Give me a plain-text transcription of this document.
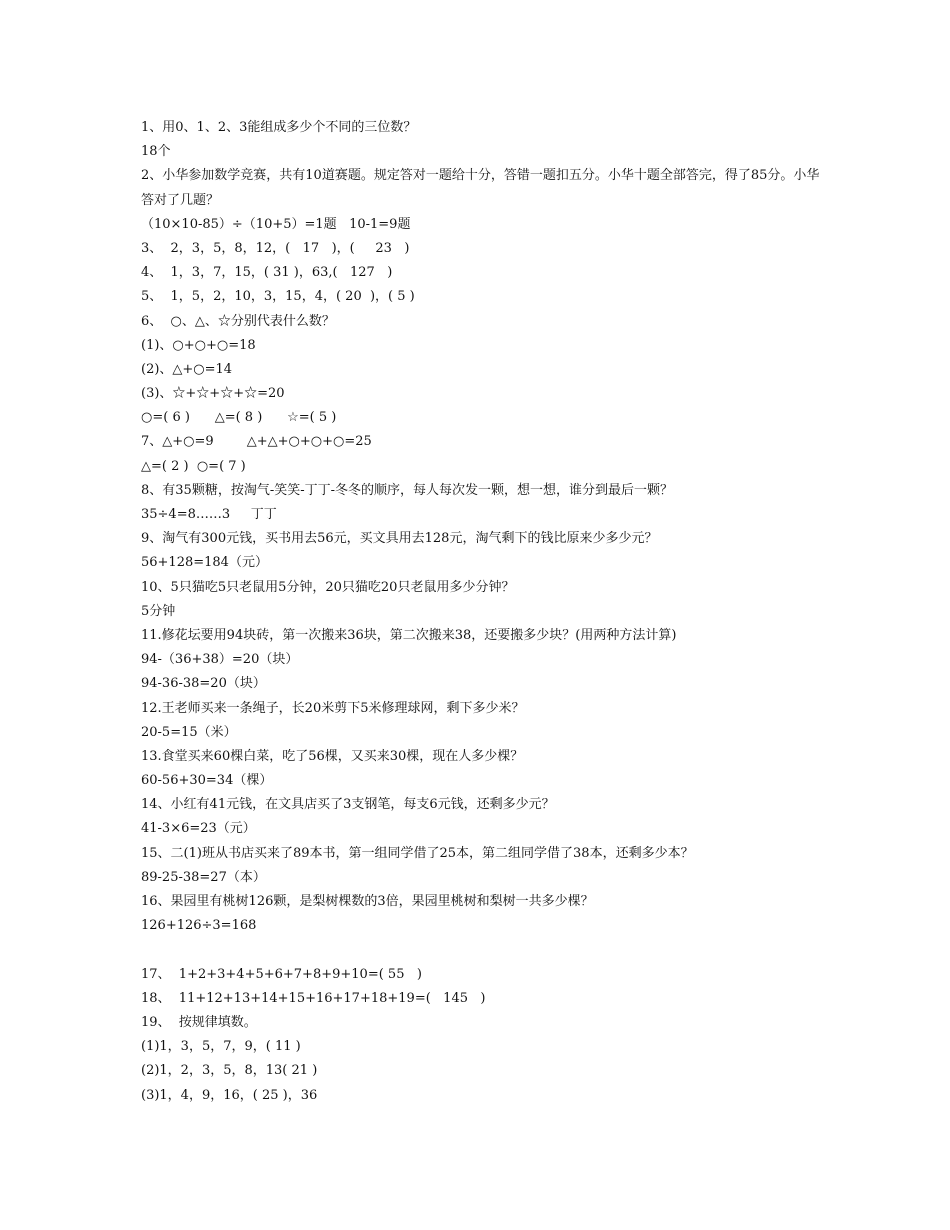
1、用0、1、2、3能组成多少个不同的三位数？

18个

2、小华参加数学竞赛，共有10道赛题。规定答对一题给十分，答错一题扣五分。小华十题全部答完，得了85分。小华答对了几题？

（10×10-85）÷（10+5）=1题   10-1=9题

3、  2，3，5，8，12，(   17   )，(     23   )

4、  1，3，7，15，( 31 )，63,(   127   )

5、  1，5，2，10，3，15，4，( 20  )，( 5 )

6、  ○、△、☆分别代表什么数？

(1)、○+○+○=18

(2)、△+○=14

(3)、☆+☆+☆+☆=20

○=( 6 )      △=( 8 )      ☆=( 5 )

7、△+○=9        △+△+○+○+○=25

△=( 2 )  ○=( 7 )

8、有35颗糖，按淘气-笑笑-丁丁-冬冬的顺序，每人每次发一颗，想一想，谁分到最后一颗？

35÷4=8……3     丁丁

9、淘气有300元钱，买书用去56元，买文具用去128元，淘气剩下的钱比原来少多少元？

56+128=184（元）

10、5只猫吃5只老鼠用5分钟，20只猫吃20只老鼠用多少分钟？

5分钟

11.修花坛要用94块砖，第一次搬来36块，第二次搬来38，还要搬多少块？(用两种方法计算)

94-（36+38）=20（块）

94-36-38=20（块）

12.王老师买来一条绳子，长20米剪下5米修理球网，剩下多少米？

20-5=15（米）

13.食堂买来60棵白菜，吃了56棵，又买来30棵，现在人多少棵？

60-56+30=34（棵）

14、小红有41元钱，在文具店买了3支钢笔，每支6元钱，还剩多少元？

41-3×6=23（元）

15、二(1)班从书店买来了89本书，第一组同学借了25本，第二组同学借了38本，还剩多少本？

89-25-38=27（本）

16、果园里有桃树126颗，是梨树棵数的3倍，果园里桃树和梨树一共多少棵？

126+126÷3=168

17、  1+2+3+4+5+6+7+8+9+10=( 55   )

18、  11+12+13+14+15+16+17+18+19=(   145   )

19、  按规律填数。

(1)1，3，5，7，9，( 11 )

(2)1，2，3，5，8，13( 21 )

(3)1，4，9，16，( 25 )，36
